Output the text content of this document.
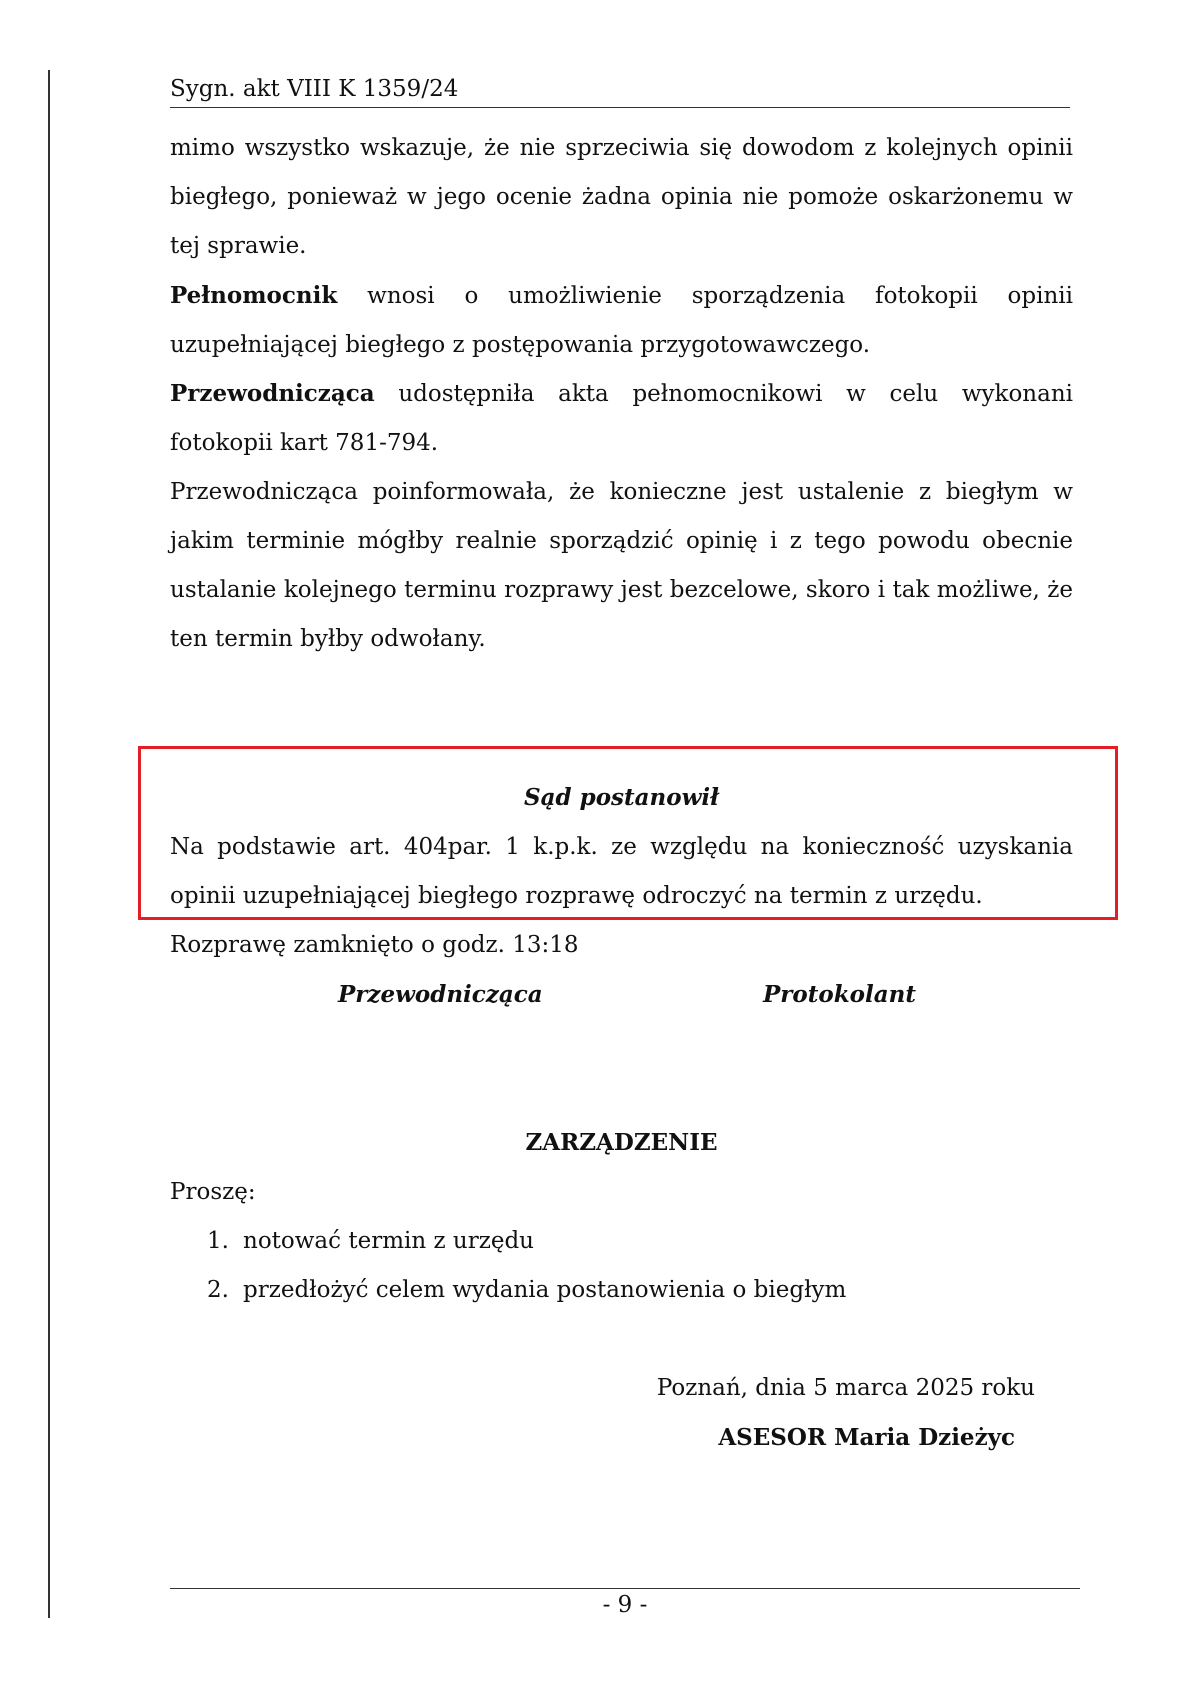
Sygn. akt VIII K 1359/24

mimo wszystko wskazuje, że nie sprzeciwia się dowodom z kolejnych opinii biegłego, ponieważ w jego ocenie żadna opinia nie pomoże oskarżonemu w tej sprawie.

Pełnomocnik wnosi o umożliwienie sporządzenia fotokopii opinii

uzupełniającej biegłego z postępowania przygotowawczego.

Przewodnicząca udostępniła akta pełnomocnikowi w celu wykonani fotokopii kart 781-794.

Przewodnicząca poinformowała, że konieczne jest ustalenie z biegłym w jakim terminie mógłby realnie sporządzić opinię i z tego powodu obecnie ustalanie kolejnego terminu rozprawy jest bezcelowe, skoro i tak możliwe, że ten termin byłby odwołany.

Sąd postanowił

Na podstawie art. 404par. 1 k.p.k. ze względu na konieczność uzyskania opinii uzupełniającej biegłego rozprawę odroczyć na termin z urzędu.

Rozprawę zamknięto o godz. 13:18

Przewodnicząca	Protokolant

ZARZĄDZENIE

Proszę:

1. notować termin z urzędu
2. przedłożyć celem wydania postanowienia o biegłym

Poznań, dnia 5 marca 2025 roku

ASESOR Maria Dzieżyc

- 9 -
